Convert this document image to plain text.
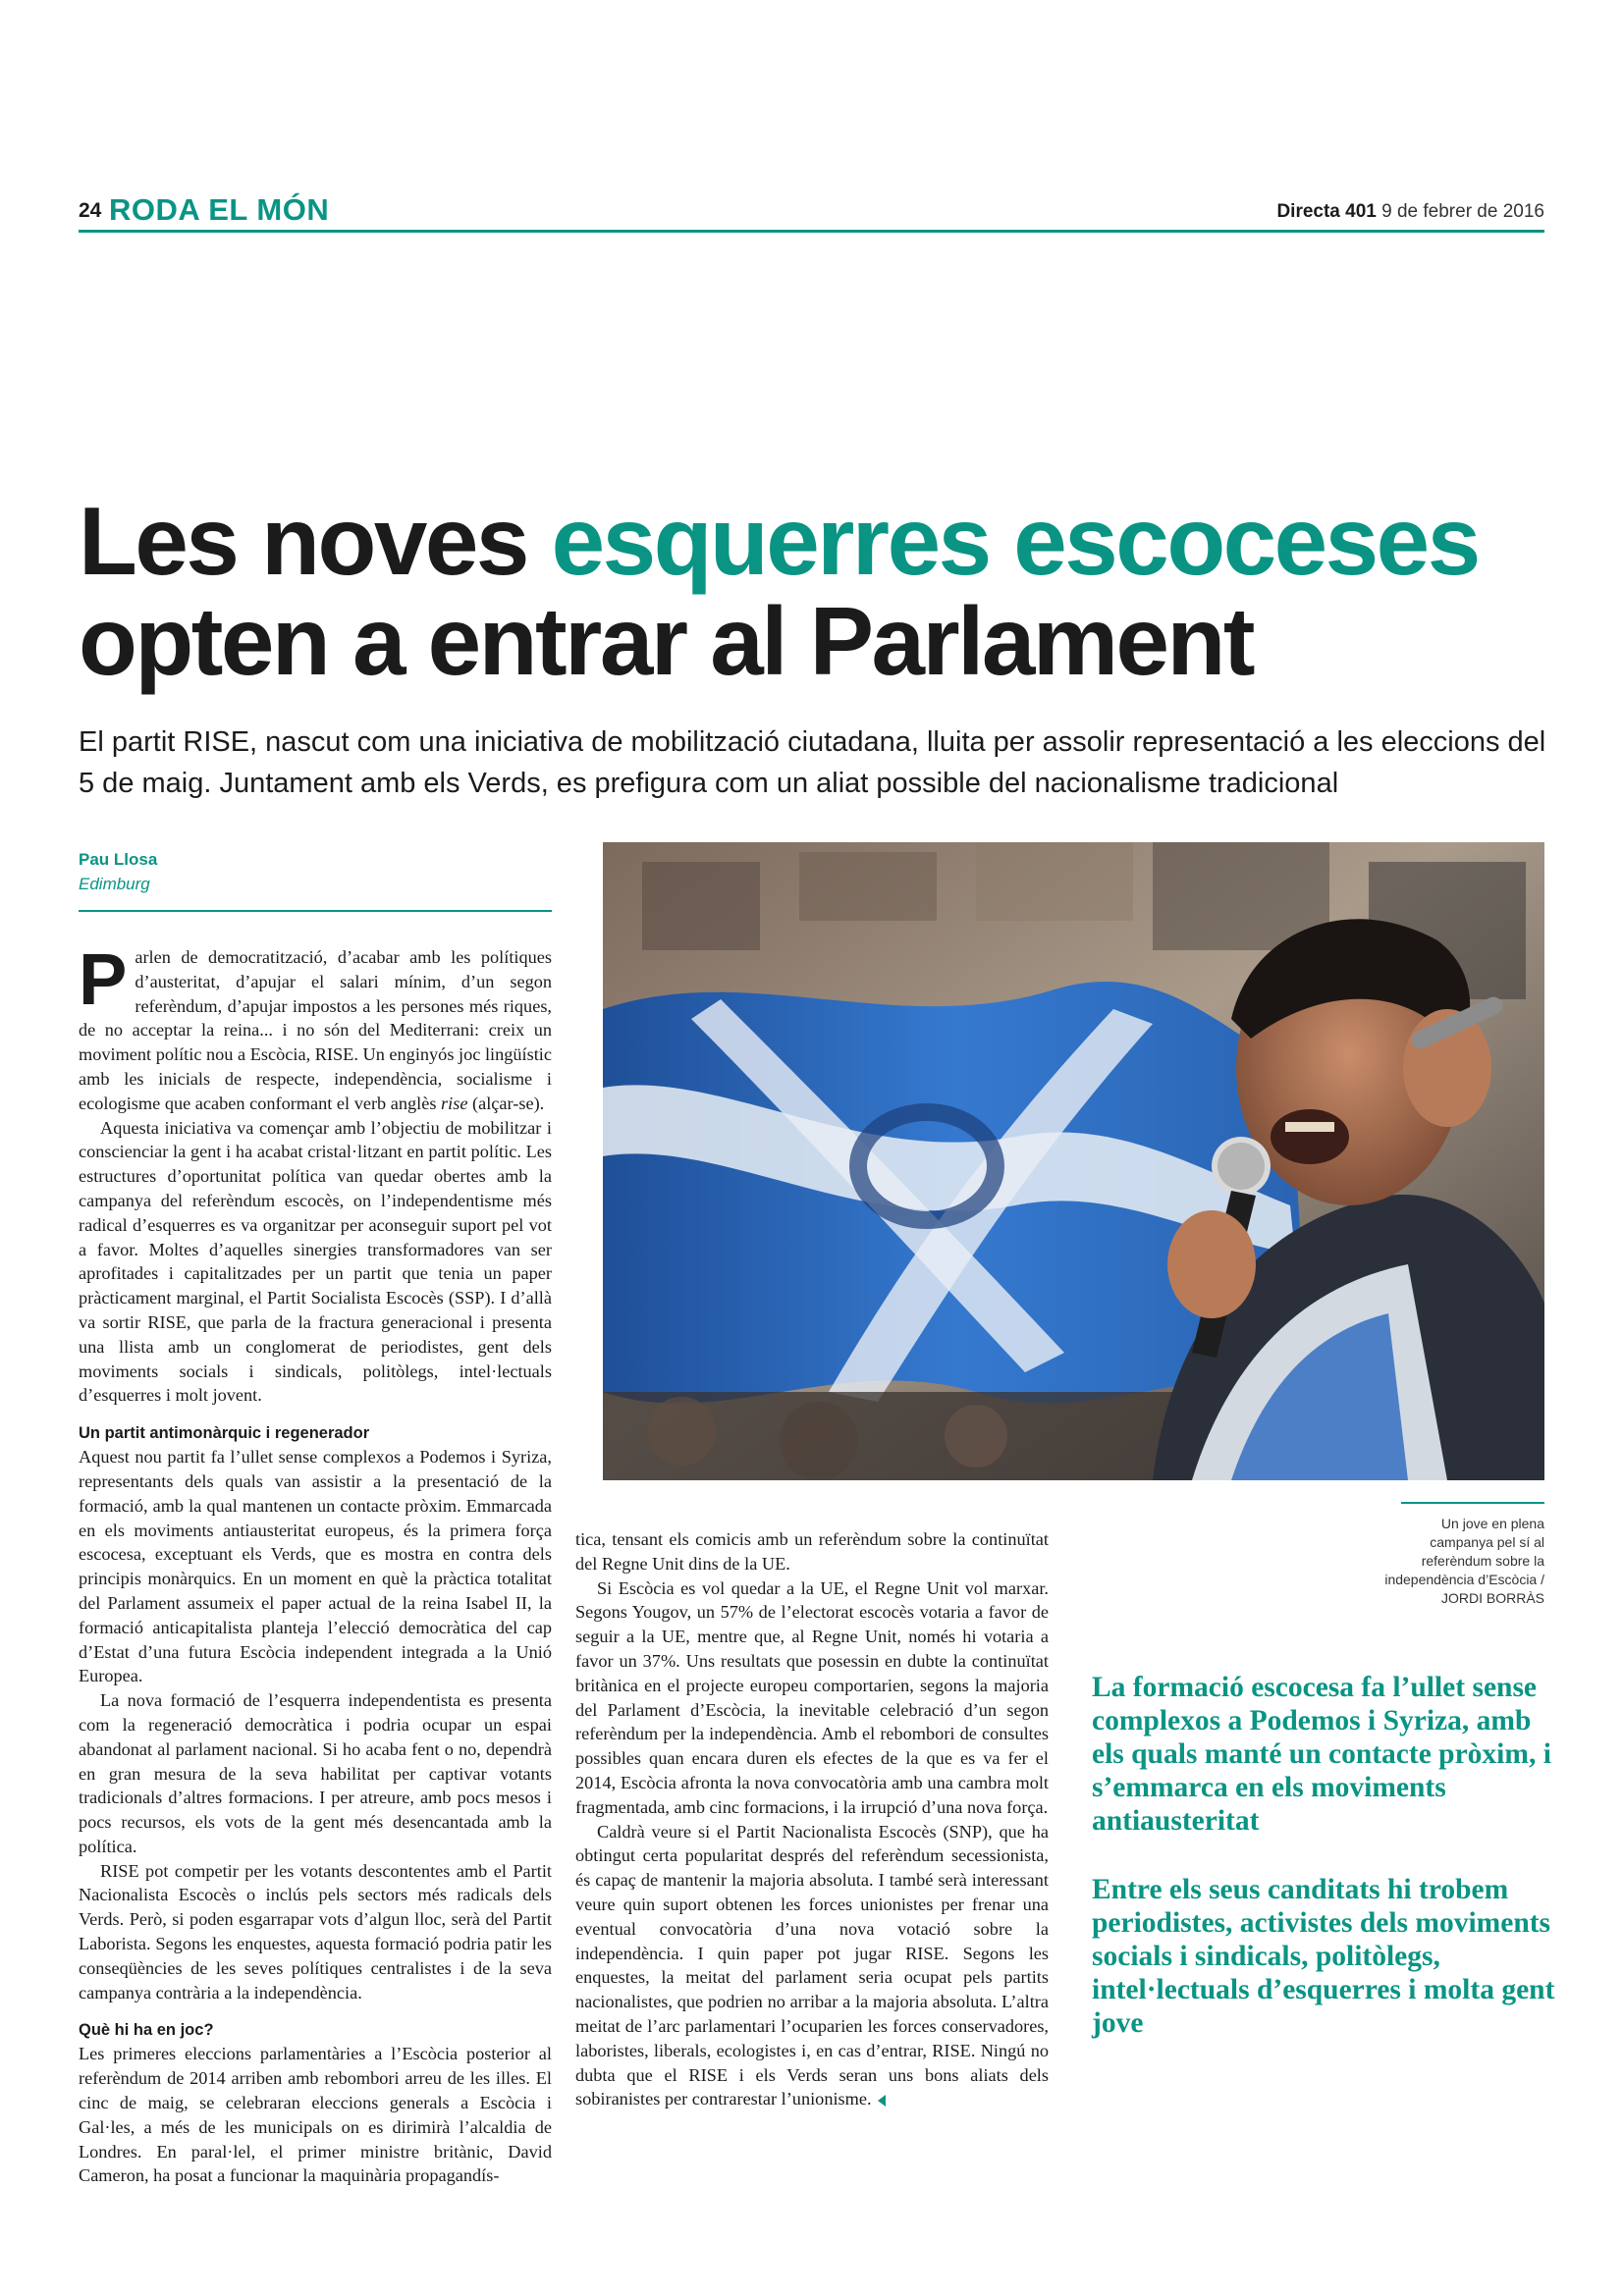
24 RODA EL MÓN	Directa 401 9 de febrer de 2016
Les noves esquerres escoceses
opten a entrar al Parlament

El partit RISE, nascut com una iniciativa de mobilització ciutadana, lluita per assolir representació a les eleccions del 5 de maig. Juntament amb els Verds, es prefigura com un aliat possible del nacionalisme tradicional

Pau Llosa
Edimburg

Parlen de democratització, d’acabar amb les polítiques d’austeritat, d’apujar el salari mínim, d’un segon referèndum, d’apujar impostos a les persones més riques, de no acceptar la reina... i no són del Mediterrani: creix un moviment polític nou a Escòcia, RISE. Un enginyós joc lingüístic amb les inicials de respecte, independència, socialisme i ecologisme que acaben conformant el verb anglès rise (alçar-se).

Aquesta iniciativa va començar amb l’objectiu de mobilitzar i conscienciar la gent i ha acabat cristal·litzant en partit polític. Les estructures d’oportunitat política van quedar obertes amb la campanya del referèndum escocès, on l’independentisme més radical d’esquerres es va organitzar per aconseguir suport pel vot a favor. Moltes d’aquelles sinergies transformadores van ser aprofitades i capitalitzades per un partit que tenia un paper pràcticament marginal, el Partit Socialista Escocès (SSP). I d’allà va sortir RISE, que parla de la fractura generacional i presenta una llista amb un conglomerat de periodistes, gent dels moviments socials i sindicals, politòlegs, intel·lectuals d’esquerres i molt jovent.

Un partit antimonàrquic i regenerador

Aquest nou partit fa l’ullet sense complexos a Podemos i Syriza, representants dels quals van assistir a la presentació de la formació, amb la qual mantenen un contacte pròxim. Emmarcada en els moviments antiausteritat europeus, és la primera força escocesa, exceptuant els Verds, que es mostra en contra dels principis monàrquics. En un moment en què la pràctica totalitat del Parlament assumeix el paper actual de la reina Isabel II, la formació anticapitalista planteja l’elecció democràtica del cap d’Estat d’una futura Escòcia independent integrada a la Unió Europea.

La nova formació de l’esquerra independentista es presenta com la regeneració democràtica i podria ocupar un espai abandonat al parlament nacional. Si ho acaba fent o no, dependrà en gran mesura de la seva habilitat per captivar votants tradicionals d’altres formacions. I per atreure, amb pocs mesos i pocs recursos, els vots de la gent més desencantada amb la política.

RISE pot competir per les votants descontentes amb el Partit Nacionalista Escocès o inclús pels sectors més radicals dels Verds. Però, si poden esgarrapar vots d’algun lloc, serà del Partit Laborista. Segons les enquestes, aquesta formació podria patir les conseqüències de les seves polítiques centralistes i de la seva campanya contrària a la independència.

Què hi ha en joc?

Les primeres eleccions parlamentàries a l’Escòcia posterior al referèndum de 2014 arriben amb rebombori arreu de les illes. El cinc de maig, se celebraran eleccions generals a Escòcia i Gal·les, a més de les municipals on es dirimirà l’alcaldia de Londres. En paral·lel, el primer ministre britànic, David Cameron, ha posat a funcionar la maquinària propagandís-

tica, tensant els comicis amb un referèndum sobre la continuïtat del Regne Unit dins de la UE.

Si Escòcia es vol quedar a la UE, el Regne Unit vol marxar. Segons Yougov, un 57% de l’electorat escocès votaria a favor de seguir a la UE, mentre que, al Regne Unit, només hi votaria a favor un 37%. Uns resultats que posessin en dubte la continuïtat britànica en el projecte europeu comportarien, segons la majoria del Parlament d’Escòcia, la inevitable celebració d’un segon referèndum per la independència. Amb el rebombori de consultes possibles quan encara duren els efectes de la que es va fer el 2014, Escòcia afronta la nova convocatòria amb una cambra molt fragmentada, amb cinc formacions, i la irrupció d’una nova força.

Caldrà veure si el Partit Nacionalista Escocès (SNP), que ha obtingut certa popularitat després del referèndum secessionista, és capaç de mantenir la majoria absoluta. I també serà interessant veure quin suport obtenen les forces unionistes per frenar una eventual convocatòria d’una nova votació sobre la independència. I quin paper pot jugar RISE. Segons les enquestes, la meitat del parlament seria ocupat pels partits nacionalistes, que podrien no arribar a la majoria absoluta. L’altra meitat de l’arc parlamentari l’ocuparien les forces conservadores, laboristes, liberals, ecologistes i, en cas d’entrar, RISE. Ningú no dubta que el RISE i els Verds seran uns bons aliats dels sobiranistes per contrarestar l’unionisme.

Un jove en plena campanya pel sí al referèndum sobre la independència d’Escòcia / JORDI BORRÀS

La formació escocesa fa l’ullet sense complexos a Podemos i Syriza, amb els quals manté un contacte pròxim, i s’emmarca en els moviments antiausteritat

Entre els seus canditats hi trobem periodistes, activistes dels moviments socials i sindicals, politòlegs, intel·lectuals d’esquerres i molta gent jove
